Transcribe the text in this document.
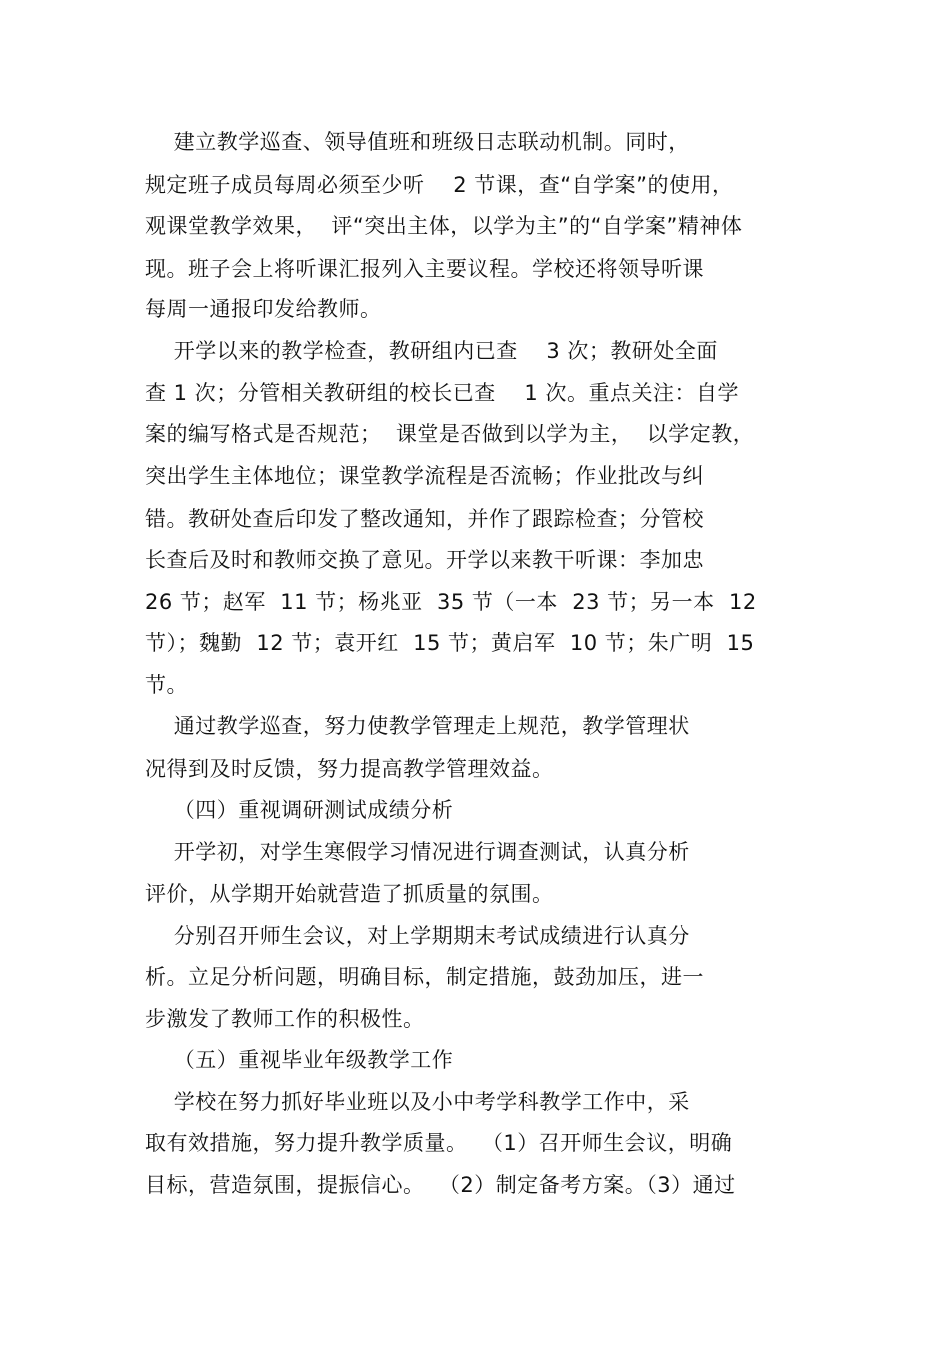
建立教学巡查、领导值班和班级日志联动机制。同时，
规定班子成员每周必须至少听    2 节课，查“自学案”的使用，
观课堂教学效果，  评“突出主体，以学为主”的“自学案”精神体
现。班子会上将听课汇报列入主要议程。学校还将领导听课
每周一通报印发给教师。
开学以来的教学检查，教研组内已查    3 次；教研处全面
查 1 次；分管相关教研组的校长已查    1 次。重点关注：自学
案的编写格式是否规范；  课堂是否做到以学为主，  以学定教，
突出学生主体地位；课堂教学流程是否流畅；作业批改与纠
错。教研处查后印发了整改通知，并作了跟踪检查；分管校
长查后及时和教师交换了意见。开学以来教干听课：李加忠
26 节；赵军  11 节；杨兆亚  35 节（一本  23 节；另一本  12
节）；魏勤  12 节；袁开红  15 节；黄启军  10 节；朱广明  15
节。
通过教学巡查，努力使教学管理走上规范，教学管理状
况得到及时反馈，努力提高教学管理效益。
（四）重视调研测试成绩分析
开学初，对学生寒假学习情况进行调查测试，认真分析
评价，从学期开始就营造了抓质量的氛围。
分别召开师生会议，对上学期期末考试成绩进行认真分
析。立足分析问题，明确目标，制定措施，鼓劲加压，进一
步激发了教师工作的积极性。
（五）重视毕业年级教学工作
学校在努力抓好毕业班以及小中考学科教学工作中，采
取有效措施，努力提升教学质量。  （1）召开师生会议，明确
目标，营造氛围，提振信心。  （2）制定备考方案。（3）通过
